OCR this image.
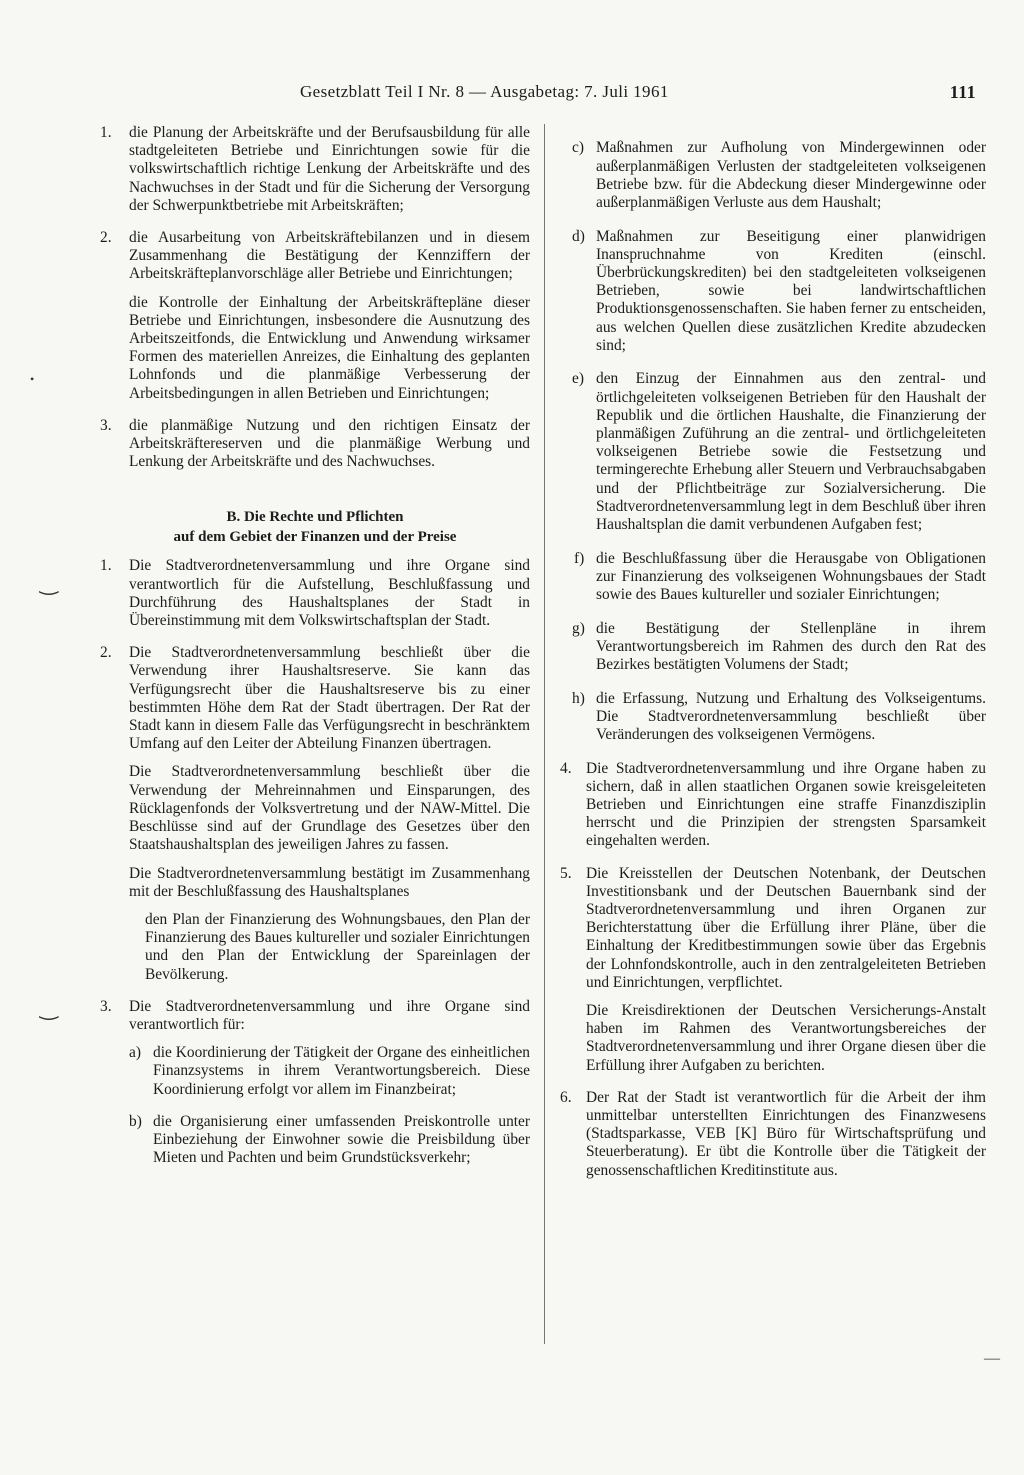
Gesetzblatt Teil I Nr. 8 — Ausgabetag: 7. Juli 1961	111
1. die Planung der Arbeitskräfte und der Berufsausbildung für alle stadtgeleiteten Betriebe und Einrichtungen sowie für die volkswirtschaftlich richtige Lenkung der Arbeitskräfte und des Nachwuchses in der Stadt und für die Sicherung der Versorgung der Schwerpunktbetriebe mit Arbeitskräften;

2. die Ausarbeitung von Arbeitskräftebilanzen und in diesem Zusammenhang die Bestätigung der Kennziffern der Arbeitskräfteplanvorschläge aller Betriebe und Einrichtungen;

die Kontrolle der Einhaltung der Arbeitskräftepläne dieser Betriebe und Einrichtungen, insbesondere die Ausnutzung des Arbeitszeitfonds, die Entwicklung und Anwendung wirksamer Formen des materiellen Anreizes, die Einhaltung des geplanten Lohnfonds und die planmäßige Verbesserung der Arbeitsbedingungen in allen Betrieben und Einrichtungen;

3. die planmäßige Nutzung und den richtigen Einsatz der Arbeitskräftereserven und die planmäßige Werbung und Lenkung der Arbeitskräfte und des Nachwuchses.

B. Die Rechte und Pflichten
auf dem Gebiet der Finanzen und der Preise
1. Die Stadtverordnetenversammlung und ihre Organe sind verantwortlich für die Aufstellung, Beschlußfassung und Durchführung des Haushaltsplanes der Stadt in Übereinstimmung mit dem Volkswirtschaftsplan der Stadt.

2. Die Stadtverordnetenversammlung beschließt über die Verwendung ihrer Haushaltsreserve. Sie kann das Verfügungsrecht über die Haushaltsreserve bis zu einer bestimmten Höhe dem Rat der Stadt übertragen. Der Rat der Stadt kann in diesem Falle das Verfügungsrecht in beschränktem Umfang auf den Leiter der Abteilung Finanzen übertragen.

Die Stadtverordnetenversammlung beschließt über die Verwendung der Mehreinnahmen und Einsparungen, des Rücklagenfonds der Volksvertretung und der NAW-Mittel. Die Beschlüsse sind auf der Grundlage des Gesetzes über den Staatshaushaltsplan des jeweiligen Jahres zu fassen.

Die Stadtverordnetenversammlung bestätigt im Zusammenhang mit der Beschlußfassung des Haushaltsplanes

den Plan der Finanzierung des Wohnungsbaues, den Plan der Finanzierung des Baues kultureller und sozialer Einrichtungen und den Plan der Entwicklung der Spareinlagen der Bevölkerung.

3. Die Stadtverordnetenversammlung und ihre Organe sind verantwortlich für:

a) die Koordinierung der Tätigkeit der Organe des einheitlichen Finanzsystems in ihrem Verantwortungsbereich. Diese Koordinierung erfolgt vor allem im Finanzbeirat;

b) die Organisierung einer umfassenden Preiskontrolle unter Einbeziehung der Einwohner sowie die Preisbildung über Mieten und Pachten und beim Grundstücksverkehr;

c) Maßnahmen zur Aufholung von Mindergewinnen oder außerplanmäßigen Verlusten der stadtgeleiteten volkseigenen Betriebe bzw. für die Abdeckung dieser Mindergewinne oder außerplanmäßigen Verluste aus dem Haushalt;

d) Maßnahmen zur Beseitigung einer planwidrigen Inanspruchnahme von Krediten (einschl. Überbrückungskrediten) bei den stadtgeleiteten volkseigenen Betrieben, sowie bei landwirtschaftlichen Produktionsgenossenschaften. Sie haben ferner zu entscheiden, aus welchen Quellen diese zusätzlichen Kredite abzudecken sind;

e) den Einzug der Einnahmen aus den zentral- und örtlichgeleiteten volkseigenen Betrieben für den Haushalt der Republik und die örtlichen Haushalte, die Finanzierung der planmäßigen Zuführung an die zentral- und örtlichgeleiteten volkseigenen Betriebe sowie die Festsetzung und termingerechte Erhebung aller Steuern und Verbrauchsabgaben und der Pflichtbeiträge zur Sozialversicherung. Die Stadtverordnetenversammlung legt in dem Beschluß über ihren Haushaltsplan die damit verbundenen Aufgaben fest;

f) die Beschlußfassung über die Herausgabe von Obligationen zur Finanzierung des volkseigenen Wohnungsbaues der Stadt sowie des Baues kultureller und sozialer Einrichtungen;

g) die Bestätigung der Stellenpläne in ihrem Verantwortungsbereich im Rahmen des durch den Rat des Bezirkes bestätigten Volumens der Stadt;

h) die Erfassung, Nutzung und Erhaltung des Volkseigentums. Die Stadtverordnetenversammlung beschließt über Veränderungen des volkseigenen Vermögens.

4. Die Stadtverordnetenversammlung und ihre Organe haben zu sichern, daß in allen staatlichen Organen sowie kreisgeleiteten Betrieben und Einrichtungen eine straffe Finanzdisziplin herrscht und die Prinzipien der strengsten Sparsamkeit eingehalten werden.

5. Die Kreisstellen der Deutschen Notenbank, der Deutschen Investitionsbank und der Deutschen Bauernbank sind der Stadtverordnetenversammlung und ihren Organen zur Berichterstattung über die Erfüllung ihrer Pläne, über die Einhaltung der Kreditbestimmungen sowie über das Ergebnis der Lohnfondskontrolle, auch in den zentralgeleiteten Betrieben und Einrichtungen, verpflichtet.

Die Kreisdirektionen der Deutschen Versicherungs-Anstalt haben im Rahmen des Verantwortungsbereiches der Stadtverordnetenversammlung und ihrer Organe diesen über die Erfüllung ihrer Aufgaben zu berichten.

6. Der Rat der Stadt ist verantwortlich für die Arbeit der ihm unmittelbar unterstellten Einrichtungen des Finanzwesens (Stadtsparkasse, VEB [K] Büro für Wirtschaftsprüfung und Steuerberatung). Er übt die Kontrolle über die Tätigkeit der genossenschaftlichen Kreditinstitute aus.

‿
‿
•
—
